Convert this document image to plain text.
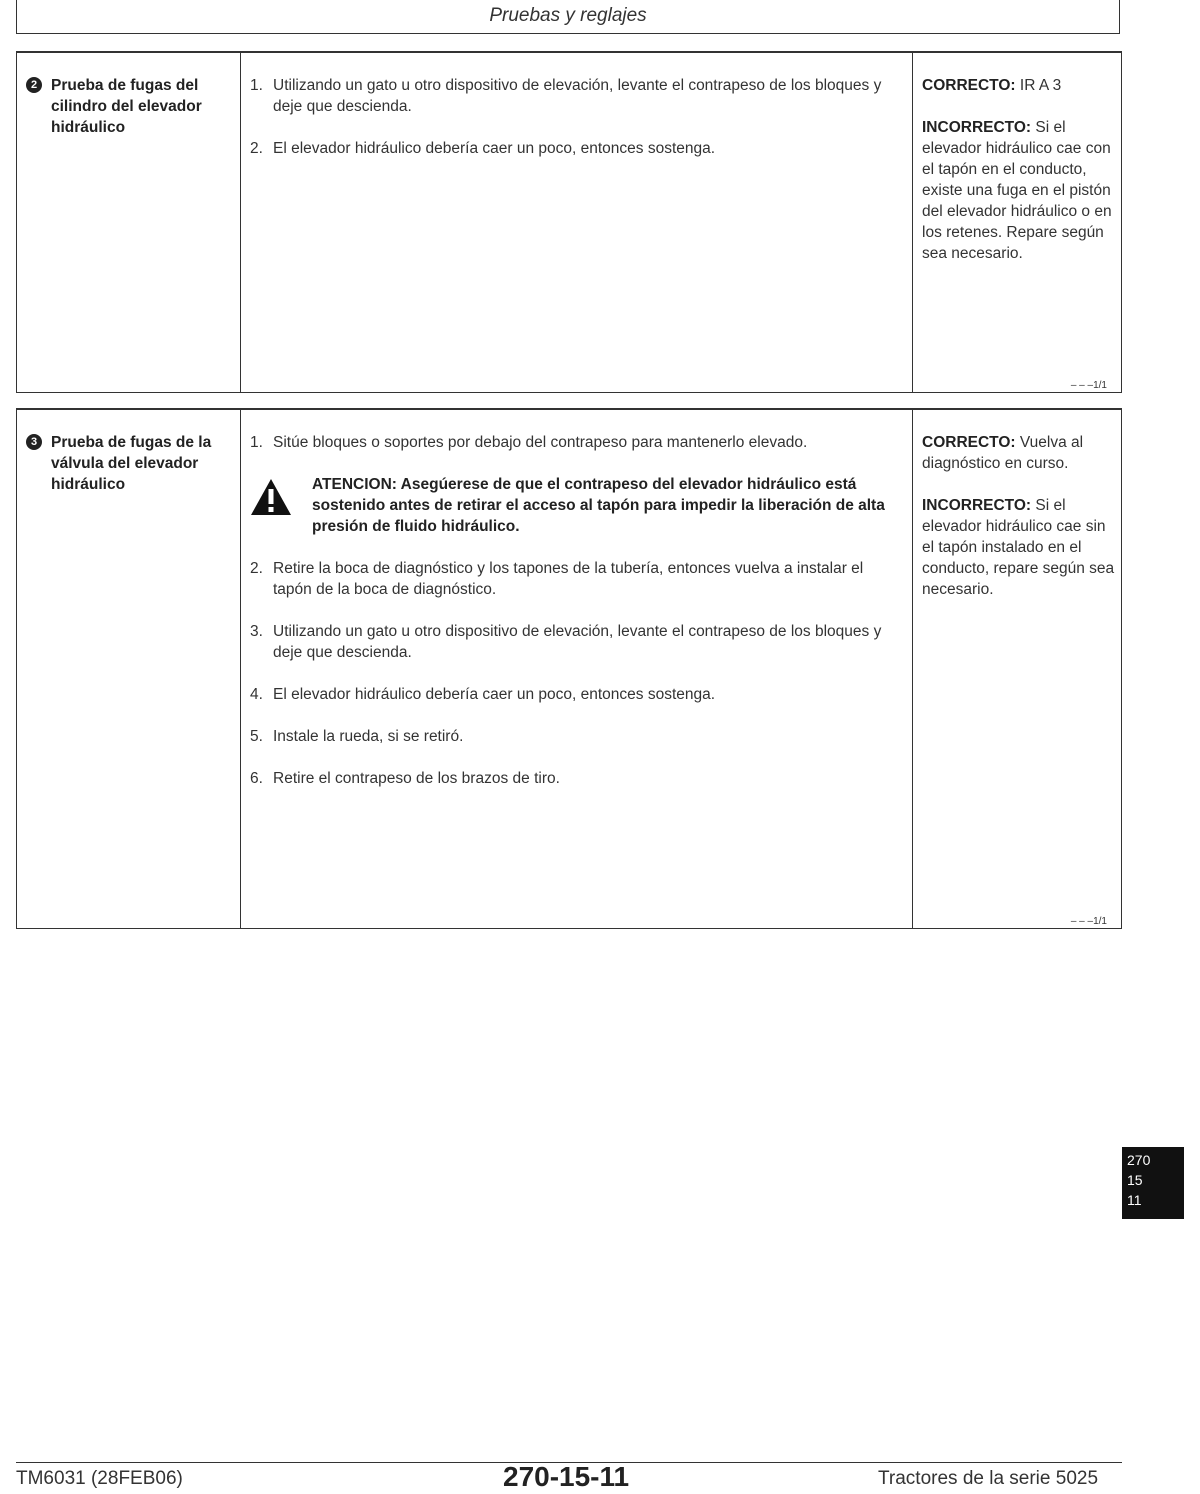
Pruebas y reglajes
2 Prueba de fugas del cilindro del elevador hidráulico
1. Utilizando un gato u otro dispositivo de elevación, levante el contrapeso de los bloques y deje que descienda.
2. El elevador hidráulico debería caer un poco, entonces sostenga.
CORRECTO: IR A 3
INCORRECTO: Si el elevador hidráulico cae con el tapón en el conducto, existe una fuga en el pistón del elevador hidráulico o en los retenes. Repare según sea necesario.
– – –1/1
3 Prueba de fugas de la válvula del elevador hidráulico
1. Sitúe bloques o soportes por debajo del contrapeso para mantenerlo elevado.
ATENCION: Asegúerese de que el contrapeso del elevador hidráulico está sostenido antes de retirar el acceso al tapón para impedir la liberación de alta presión de fluido hidráulico.
2. Retire la boca de diagnóstico y los tapones de la tubería, entonces vuelva a instalar el tapón de la boca de diagnóstico.
3. Utilizando un gato u otro dispositivo de elevación, levante el contrapeso de los bloques y deje que descienda.
4. El elevador hidráulico debería caer un poco, entonces sostenga.
5. Instale la rueda, si se retiró.
6. Retire el contrapeso de los brazos de tiro.
CORRECTO: Vuelva al diagnóstico en curso.
INCORRECTO: Si el elevador hidráulico cae sin el tapón instalado en el conducto, repare según sea necesario.
– – –1/1
270
15
11
TM6031 (28FEB06)	270-15-11	Tractores de la serie 5025
